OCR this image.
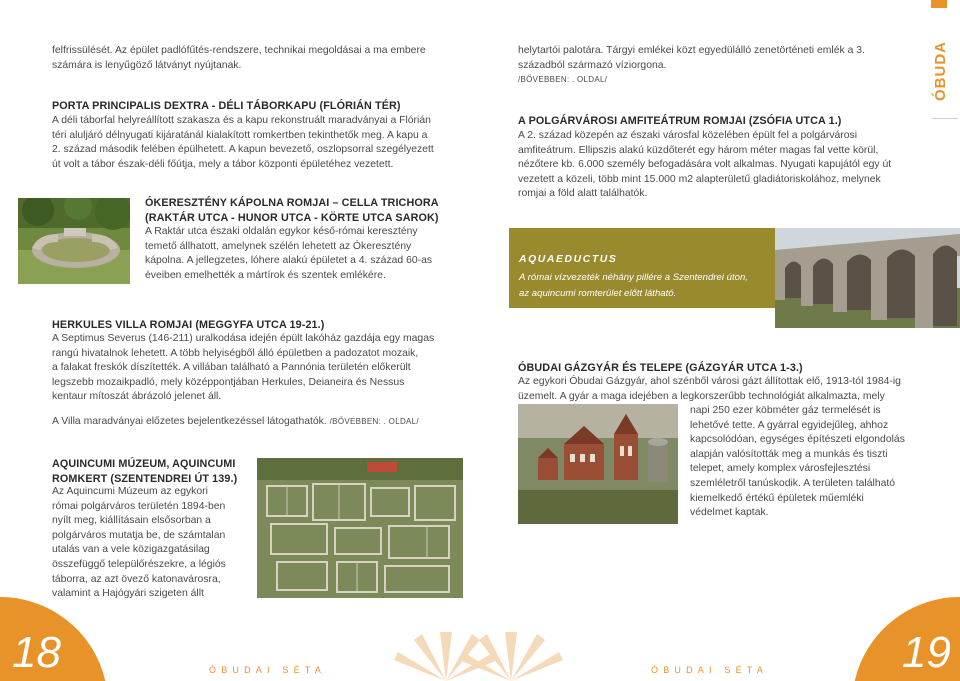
felfrissülését. Az épület padlófűtés-rendszere, technikai megoldásai a ma embere
számára is lenyűgöző látványt nyújtanak.
PORTA PRINCIPALIS DEXTRA - DÉLI TÁBORKAPU (FLÓRIÁN TÉR)
A déli táborfal helyreállított szakasza és a kapu rekonstruált maradványai a Flórián
téri aluljáró délnyugati kijáratánál kialakított romkertben tekinthetők meg. A kapu a
2. század második felében épülhetett. A kapun bevezető, oszlopsorral szegélyezett
út volt a tábor észak-déli főútja, mely a tábor központi épületéhez vezetett.
ÓKERESZTÉNY KÁPOLNA ROMJAI – CELLA TRICHORA
(RAKTÁR UTCA - HUNOR UTCA - KÖRTE UTCA SAROK)
A Raktár utca északi oldalán egykor késő-római keresztény
temető állhatott, amelynek szélén lehetett az Ókeresztény
kápolna. A jellegzetes, lóhere alakú épületet a 4. század 60-as
éveiben emelhették a mártírok és szentek emlékére.
HERKULES VILLA ROMJAI (MEGGYFA UTCA 19-21.)
A Septimus Severus (146-211) uralkodása idején épült lakóház gazdája egy magas
rangú hivatalnok lehetett. A több helyiségből álló épületben a padozatot mozaik,
a falakat freskók díszítették. A villában található a Pannónia területén előkerült
legszebb mozaikpadló, mely középpontjában Herkules, Deianeira és Nessus
kentaur mítoszát ábrázoló jelenet áll.
A Villa maradványai előzetes bejelentkezéssel látogathatók. /BŐVEBBEN: . OLDAL/
AQUINCUMI MÚZEUM, AQUINCUMI
ROMKERT (SZENTENDREI ÚT 139.)
Az Aquincumi Múzeum az egykori
római polgárváros területén 1894-ben
nyílt meg, kiállításain elsősorban a
polgárváros mutatja be, de számtalan
utalás van a vele közigazgatásilag
összefüggő települőrészekre, a légiós
táborra, az azt övező katonavárosra,
valamint a Hajógyári szigeten állt
18	ÓBUDAI SÉTA
helytartói palotára. Tárgyi emlékei közt egyedülálló zenetörténeti emlék a 3.
századból származó víziorgona.
/BŐVEBBEN: . OLDAL/	ÓBUDA
A POLGÁRVÁROSI AMFITEÁTRUM ROMJAI (ZSÓFIA UTCA 1.)
A 2. század közepén az északi városfal közelében épült fel a polgárvárosi
amfiteátrum. Ellipszis alakú küzdőterét egy három méter magas fal vette körül,
nézőtere kb. 6.000 személy befogadására volt alkalmas. Nyugati kapujától egy út
vezetett a közeli, több mint 15.000 m2 alapterületű gladiátoriskolához, melynek
romjai a föld alatt találhatók.
AQUAEDUCTUS
A római vízvezeték néhány pillére a Szentendrei úton,
az aquincumi romterület előtt látható.
ÓBUDAI GÁZGYÁR ÉS TELEPE (GÁZGYÁR UTCA 1-3.)
Az egykori Óbudai Gázgyár, ahol szénből városi gázt állítottak elő, 1913-tól 1984-ig
üzemelt. A gyár a maga idejében a legkorszerűbb technológiát alkalmazta, mely
napi 250 ezer köbméter gáz termelését is
lehetővé tette. A gyárral egyidejűleg, ahhoz
kapcsolódóan, egységes építészeti elgondolás
alapján valósították meg a munkás és tiszti
telepet, amely komplex városfejlesztési
szemléletről tanúskodik. A területen található
kiemelkedő értékű épületek műemléki
védelmet kaptak.
19
ÓBUDAI SÉTA
